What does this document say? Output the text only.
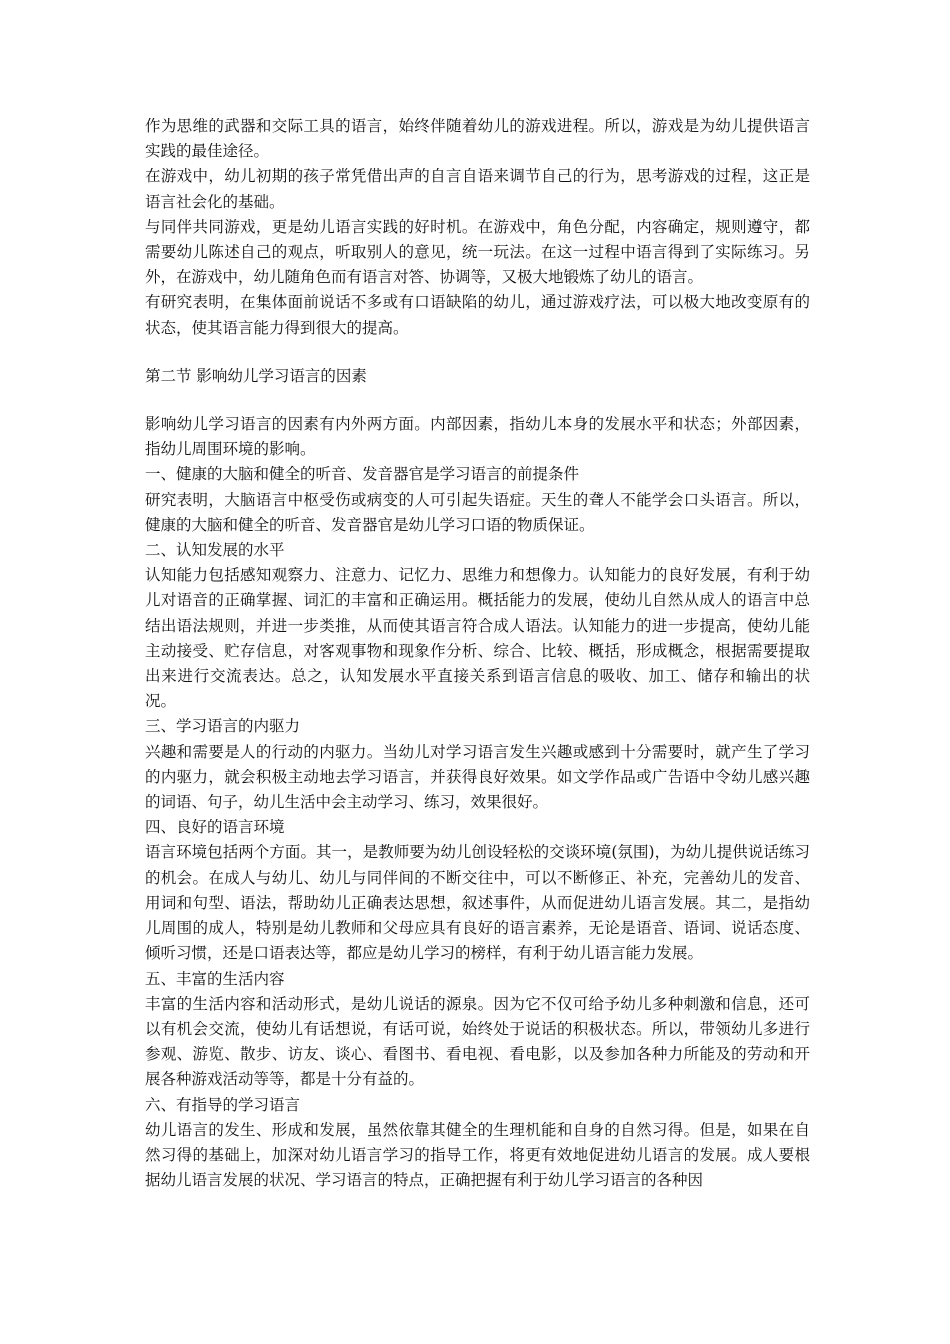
作为思维的武器和交际工具的语言，始终伴随着幼儿的游戏进程。所以，游戏是为幼儿提供语言实践的最佳途径。

在游戏中，幼儿初期的孩子常凭借出声的自言自语来调节自己的行为，思考游戏的过程，这正是语言社会化的基础。

与同伴共同游戏，更是幼儿语言实践的好时机。在游戏中，角色分配，内容确定，规则遵守，都需要幼儿陈述自己的观点，听取别人的意见，统一玩法。在这一过程中语言得到了实际练习。另外，在游戏中，幼儿随角色而有语言对答、协调等，又极大地锻炼了幼儿的语言。

有研究表明，在集体面前说话不多或有口语缺陷的幼儿，通过游戏疗法，可以极大地改变原有的状态，使其语言能力得到很大的提高。

第二节 影响幼儿学习语言的因素

影响幼儿学习语言的因素有内外两方面。内部因素，指幼儿本身的发展水平和状态；外部因素，指幼儿周围环境的影响。

一、健康的大脑和健全的听音、发音器官是学习语言的前提条件

研究表明，大脑语言中枢受伤或病变的人可引起失语症。天生的聋人不能学会口头语言。所以，健康的大脑和健全的听音、发音器官是幼儿学习口语的物质保证。

二、认知发展的水平

认知能力包括感知观察力、注意力、记忆力、思维力和想像力。认知能力的良好发展，有利于幼儿对语音的正确掌握、词汇的丰富和正确运用。概括能力的发展，使幼儿自然从成人的语言中总结出语法规则，并进一步类推，从而使其语言符合成人语法。认知能力的进一步提高，使幼儿能主动接受、贮存信息，对客观事物和现象作分析、综合、比较、概括，形成概念，根据需要提取出来进行交流表达。总之，认知发展水平直接关系到语言信息的吸收、加工、储存和输出的状况。

三、学习语言的内驱力

兴趣和需要是人的行动的内驱力。当幼儿对学习语言发生兴趣或感到十分需要时，就产生了学习的内驱力，就会积极主动地去学习语言，并获得良好效果。如文学作品或广告语中令幼儿感兴趣的词语、句子，幼儿生活中会主动学习、练习，效果很好。

四、良好的语言环境

语言环境包括两个方面。其一，是教师要为幼儿创设轻松的交谈环境(氛围)，为幼儿提供说话练习的机会。在成人与幼儿、幼儿与同伴间的不断交往中，可以不断修正、补充，完善幼儿的发音、用词和句型、语法，帮助幼儿正确表达思想，叙述事件，从而促进幼儿语言发展。其二，是指幼儿周围的成人，特别是幼儿教师和父母应具有良好的语言素养，无论是语音、语词、说话态度、倾听习惯，还是口语表达等，都应是幼儿学习的榜样，有利于幼儿语言能力发展。

五、丰富的生活内容

丰富的生活内容和活动形式，是幼儿说话的源泉。因为它不仅可给予幼儿多种刺激和信息，还可以有机会交流，使幼儿有话想说，有话可说，始终处于说话的积极状态。所以，带领幼儿多进行参观、游览、散步、访友、谈心、看图书、看电视、看电影，以及参加各种力所能及的劳动和开展各种游戏活动等等，都是十分有益的。

六、有指导的学习语言

幼儿语言的发生、形成和发展，虽然依靠其健全的生理机能和自身的自然习得。但是，如果在自然习得的基础上，加深对幼儿语言学习的指导工作，将更有效地促进幼儿语言的发展。成人要根据幼儿语言发展的状况、学习语言的特点，正确把握有利于幼儿学习语言的各种因
